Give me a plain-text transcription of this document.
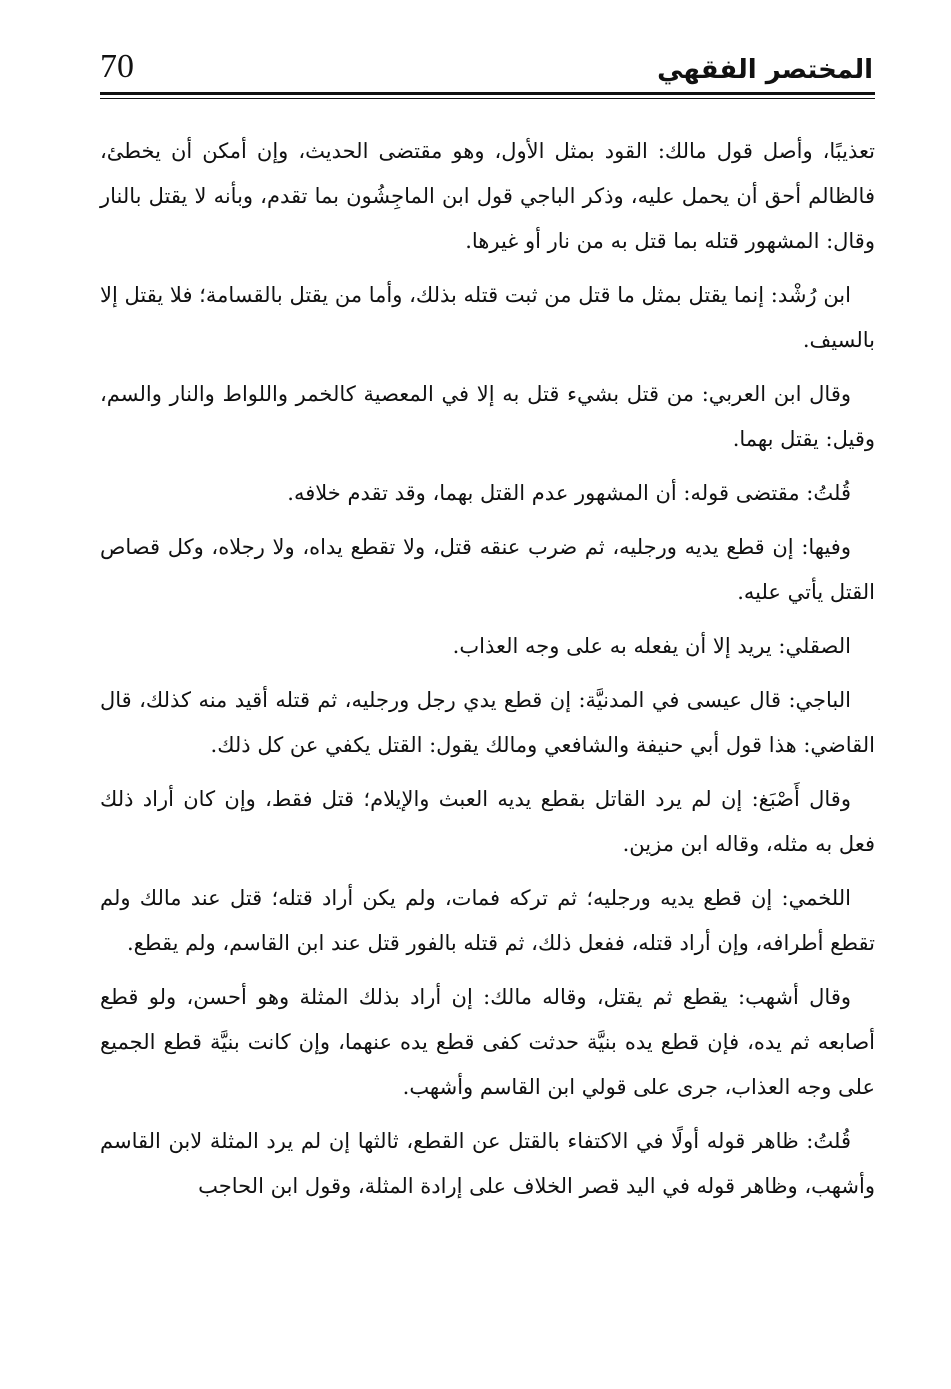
70	المختصر الفقهي

تعذيبًا، وأصل قول مالك: القود بمثل الأول، وهو مقتضى الحديث، وإن أمكن أن يخطئ، فالظالم أحق أن يحمل عليه، وذكر الباجي قول ابن الماجِشُون بما تقدم، وبأنه لا يقتل بالنار وقال: المشهور قتله بما قتل به من نار أو غيرها.

ابن رُشْد: إنما يقتل بمثل ما قتل من ثبت قتله بذلك، وأما من يقتل بالقسامة؛ فلا يقتل إلا بالسيف.

وقال ابن العربي: من قتل بشيء قتل به إلا في المعصية كالخمر واللواط والنار والسم، وقيل: يقتل بهما.

قُلتُ: مقتضى قوله: أن المشهور عدم القتل بهما، وقد تقدم خلافه.

وفيها: إن قطع يديه ورجليه، ثم ضرب عنقه قتل، ولا تقطع يداه، ولا رجلاه، وكل قصاص القتل يأتي عليه.

الصقلي: يريد إلا أن يفعله به على وجه العذاب.

الباجي: قال عيسى في المدنيَّة: إن قطع يدي رجل ورجليه، ثم قتله أقيد منه كذلك، قال القاضي: هذا قول أبي حنيفة والشافعي ومالك يقول: القتل يكفي عن كل ذلك.

وقال أَصْبَغ: إن لم يرد القاتل بقطع يديه العبث والإيلام؛ قتل فقط، وإن كان أراد ذلك فعل به مثله، وقاله ابن مزين.

اللخمي: إن قطع يديه ورجليه؛ ثم تركه فمات، ولم يكن أراد قتله؛ قتل عند مالك ولم تقطع أطرافه، وإن أراد قتله، ففعل ذلك، ثم قتله بالفور قتل عند ابن القاسم، ولم يقطع.

وقال أشهب: يقطع ثم يقتل، وقاله مالك: إن أراد بذلك المثلة وهو أحسن، ولو قطع أصابعه ثم يده، فإن قطع يده بنيَّة حدثت كفى قطع يده عنهما، وإن كانت بنيَّة قطع الجميع على وجه العذاب، جرى على قولي ابن القاسم وأشهب.

قُلتُ: ظاهر قوله أولًا في الاكتفاء بالقتل عن القطع، ثالثها إن لم يرد المثلة لابن القاسم وأشهب، وظاهر قوله في اليد قصر الخلاف على إرادة المثلة، وقول ابن الحاجب
